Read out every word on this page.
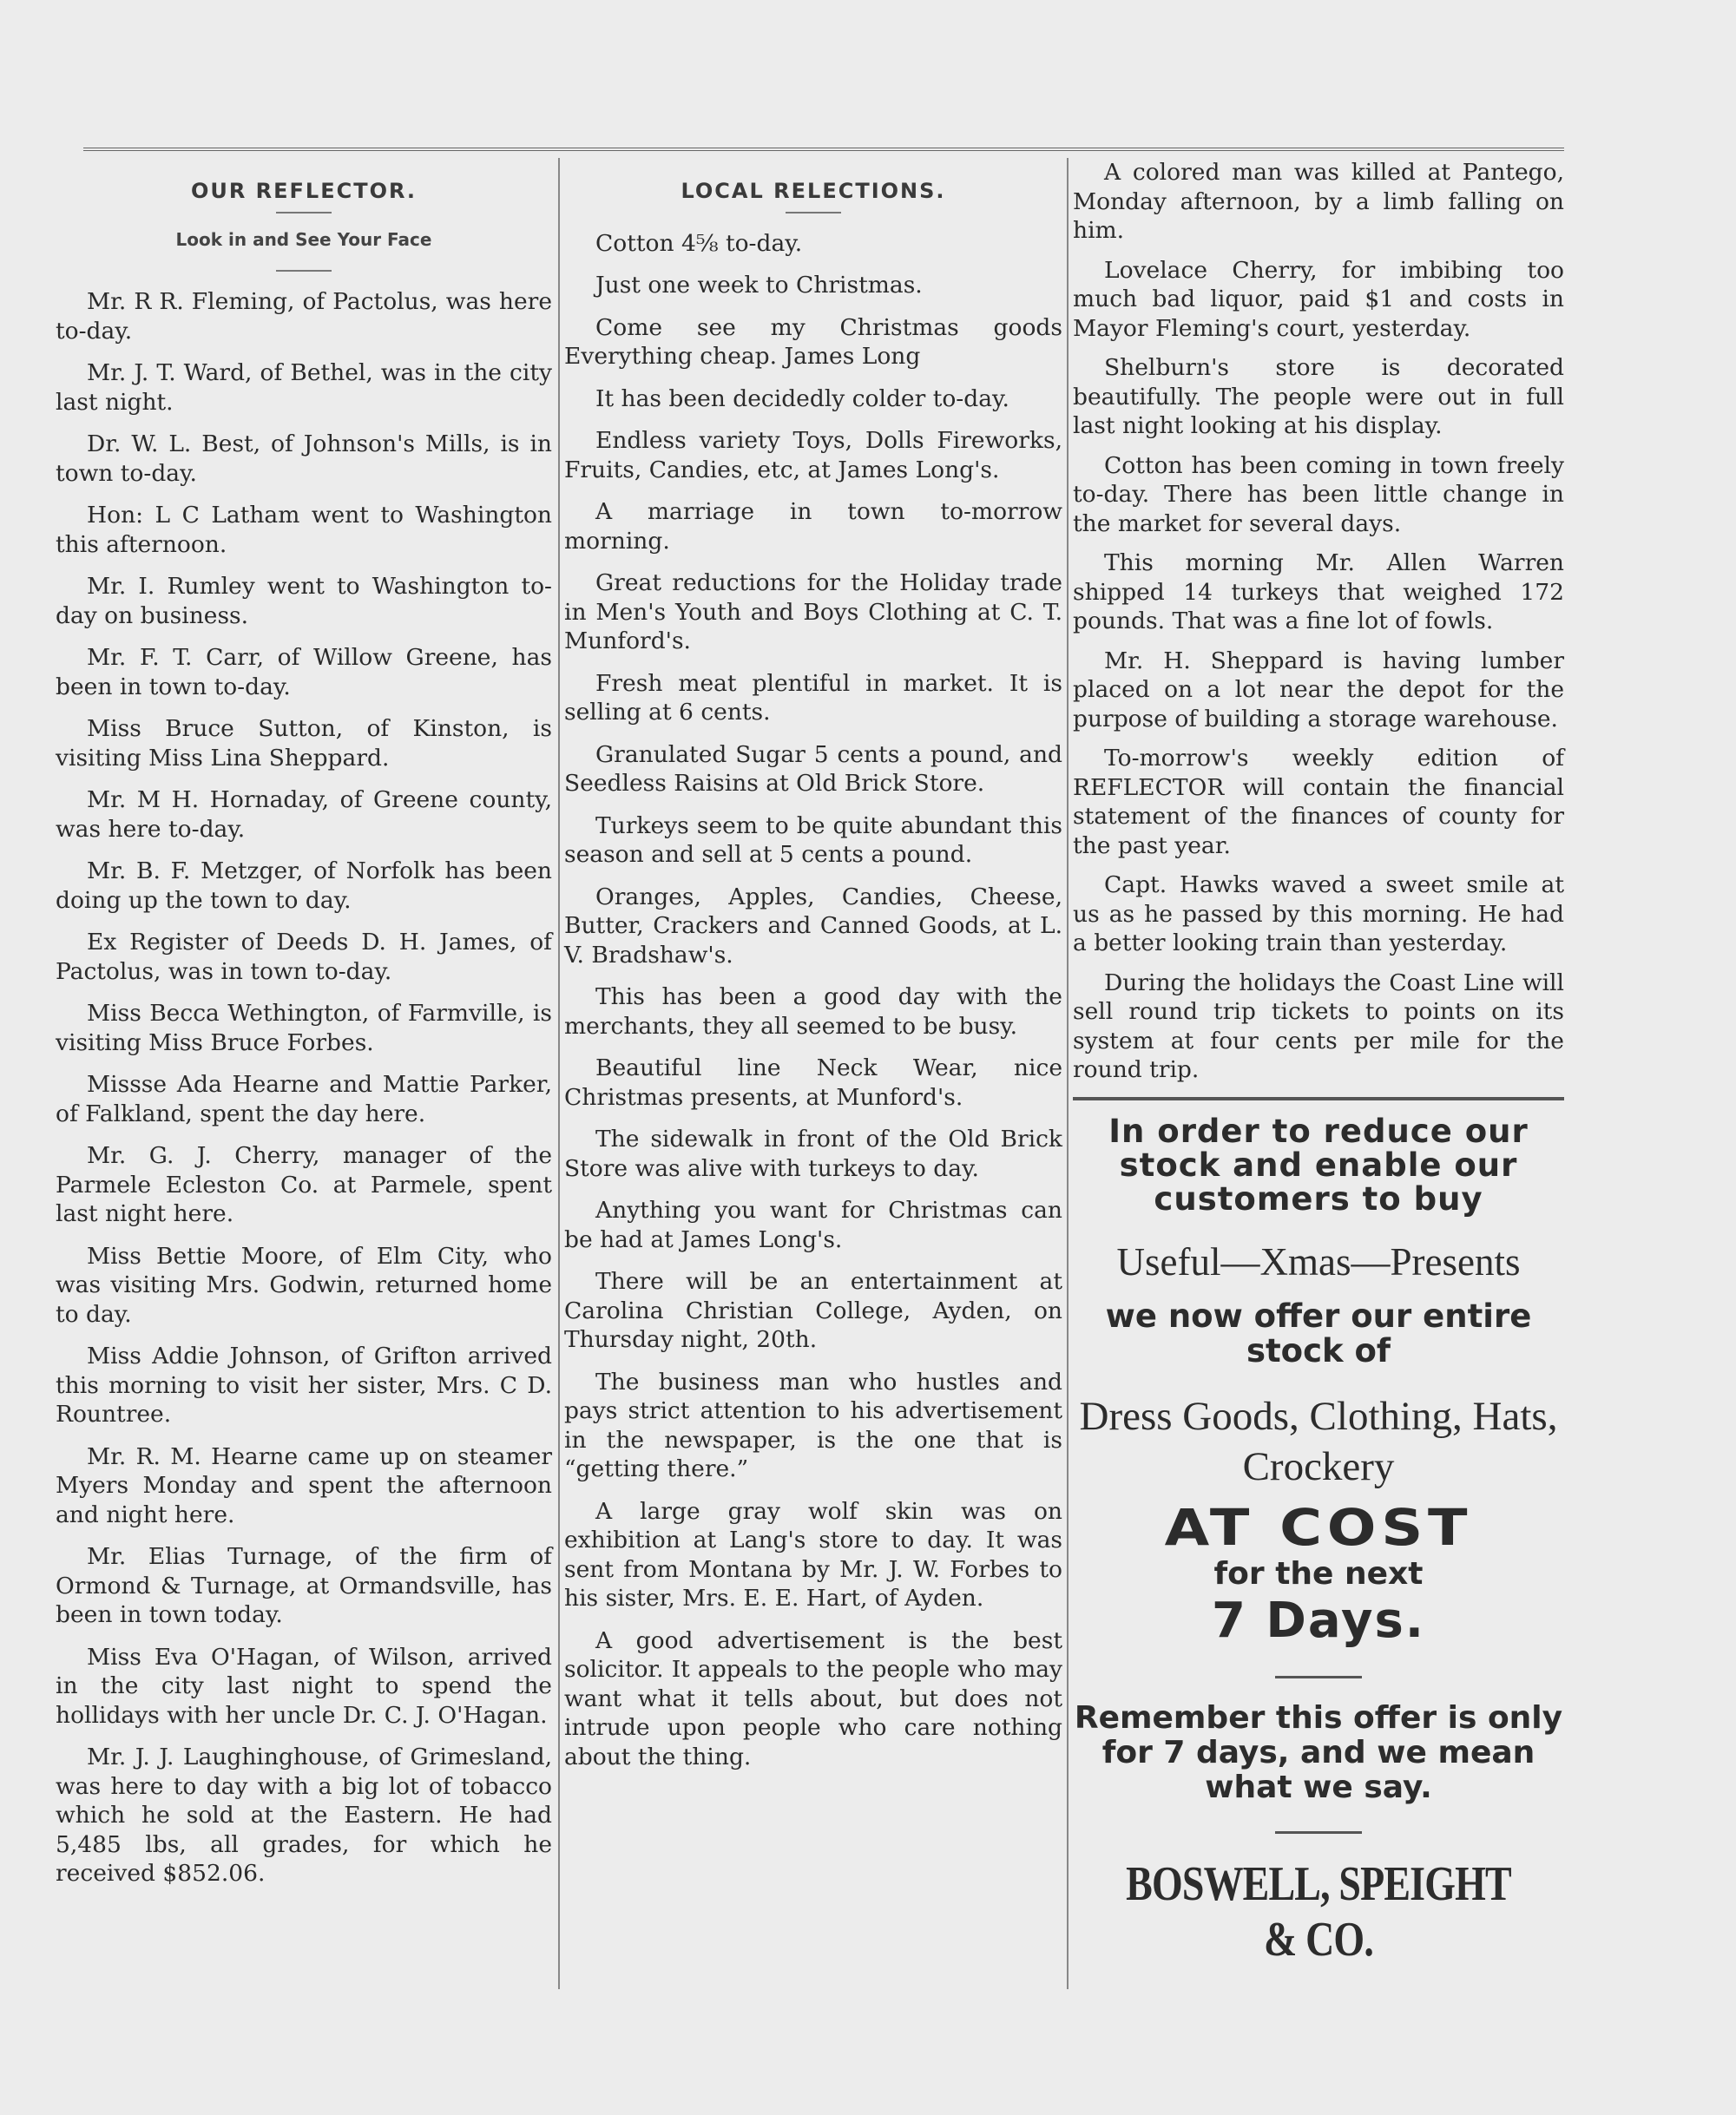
OUR REFLECTOR.
Look in and See Your Face

Mr. R R. Fleming, of Pactolus, was here to-day.

Mr. J. T. Ward, of Bethel, was in the city last night.

Dr. W. L. Best, of Johnson's Mills, is in town to-day.

Hon: L C Latham went to Washington this afternoon.

Mr. I. Rumley went to Washington to-day on business.

Mr. F. T. Carr, of Willow Greene, has been in town to-day.

Miss Bruce Sutton, of Kinston, is visiting Miss Lina Sheppard.

Mr. M H. Hornaday, of Greene county, was here to-day.

Mr. B. F. Metzger, of Norfolk has been doing up the town to day.

Ex Register of Deeds D. H. James, of Pactolus, was in town to-day.

Miss Becca Wethington, of Farmville, is visiting Miss Bruce Forbes.

Missse Ada Hearne and Mattie Parker, of Falkland, spent the day here.

Mr. G. J. Cherry, manager of the Parmele Ecleston Co. at Parmele, spent last night here.

Miss Bettie Moore, of Elm City, who was visiting Mrs. Godwin, returned home to day.

Miss Addie Johnson, of Grifton arrived this morning to visit her sister, Mrs. C D. Rountree.

Mr. R. M. Hearne came up on steamer Myers Monday and spent the afternoon and night here.

Mr. Elias Turnage, of the firm of Ormond & Turnage, at Ormandsville, has been in town today.

Miss Eva O'Hagan, of Wilson, arrived in the city last night to spend the hollidays with her uncle Dr. C. J. O'Hagan.

Mr. J. J. Laughinghouse, of Grimesland, was here to day with a big lot of tobacco which he sold at the Eastern. He had 5,485 lbs, all grades, for which he received $852.06.

LOCAL RELECTIONS.

Cotton 4⅝ to-day.

Just one week to Christmas.

Come see my Christmas goods Everything cheap. James Long

It has been decidedly colder to-day.

Endless variety Toys, Dolls Fireworks, Fruits, Candies, etc, at James Long's.

A marriage in town to-morrow morning.

Great reductions for the Holiday trade in Men's Youth and Boys Clothing at C. T. Munford's.

Fresh meat plentiful in market. It is selling at 6 cents.

Granulated Sugar 5 cents a pound, and Seedless Raisins at Old Brick Store.

Turkeys seem to be quite abundant this season and sell at 5 cents a pound.

Oranges, Apples, Candies, Cheese, Butter, Crackers and Canned Goods, at L. V. Bradshaw's.

This has been a good day with the merchants, they all seemed to be busy.

Beautiful line Neck Wear, nice Christmas presents, at Munford's.

The sidewalk in front of the Old Brick Store was alive with turkeys to day.

Anything you want for Christmas can be had at James Long's.

There will be an entertainment at Carolina Christian College, Ayden, on Thursday night, 20th.

The business man who hustles and pays strict attention to his advertisement in the newspaper, is the one that is “getting there.”

A large gray wolf skin was on exhibition at Lang's store to day. It was sent from Montana by Mr. J. W. Forbes to his sister, Mrs. E. E. Hart, of Ayden.

A good advertisement is the best solicitor. It appeals to the people who may want what it tells about, but does not intrude upon people who care nothing about the thing.

A colored man was killed at Pantego, Monday afternoon, by a limb falling on him.

Lovelace Cherry, for imbibing too much bad liquor, paid $1 and costs in Mayor Fleming's court, yesterday.

Shelburn's store is decorated beautifully. The people were out in full last night looking at his display.

Cotton has been coming in town freely to-day. There has been little change in the market for several days.

This morning Mr. Allen Warren shipped 14 turkeys that weighed 172 pounds. That was a fine lot of fowls.

Mr. H. Sheppard is having lumber placed on a lot near the depot for the purpose of building a storage warehouse.

To-morrow's weekly edition of REFLECTOR will contain the financial statement of the finances of county for the past year.

Capt. Hawks waved a sweet smile at us as he passed by this morning. He had a better looking train than yesterday.

During the holidays the Coast Line will sell round trip tickets to points on its system at four cents per mile for the round trip.

In order to reduce our stock and enable our customers to buy
Useful—Xmas—Presents
we now offer our entire stock of
Dress Goods, Clothing, Hats, Crockery
AT COST
for the next
7 Days.
Remember this offer is only for 7 days, and we mean what we say.
BOSWELL, SPEIGHT & CO.
